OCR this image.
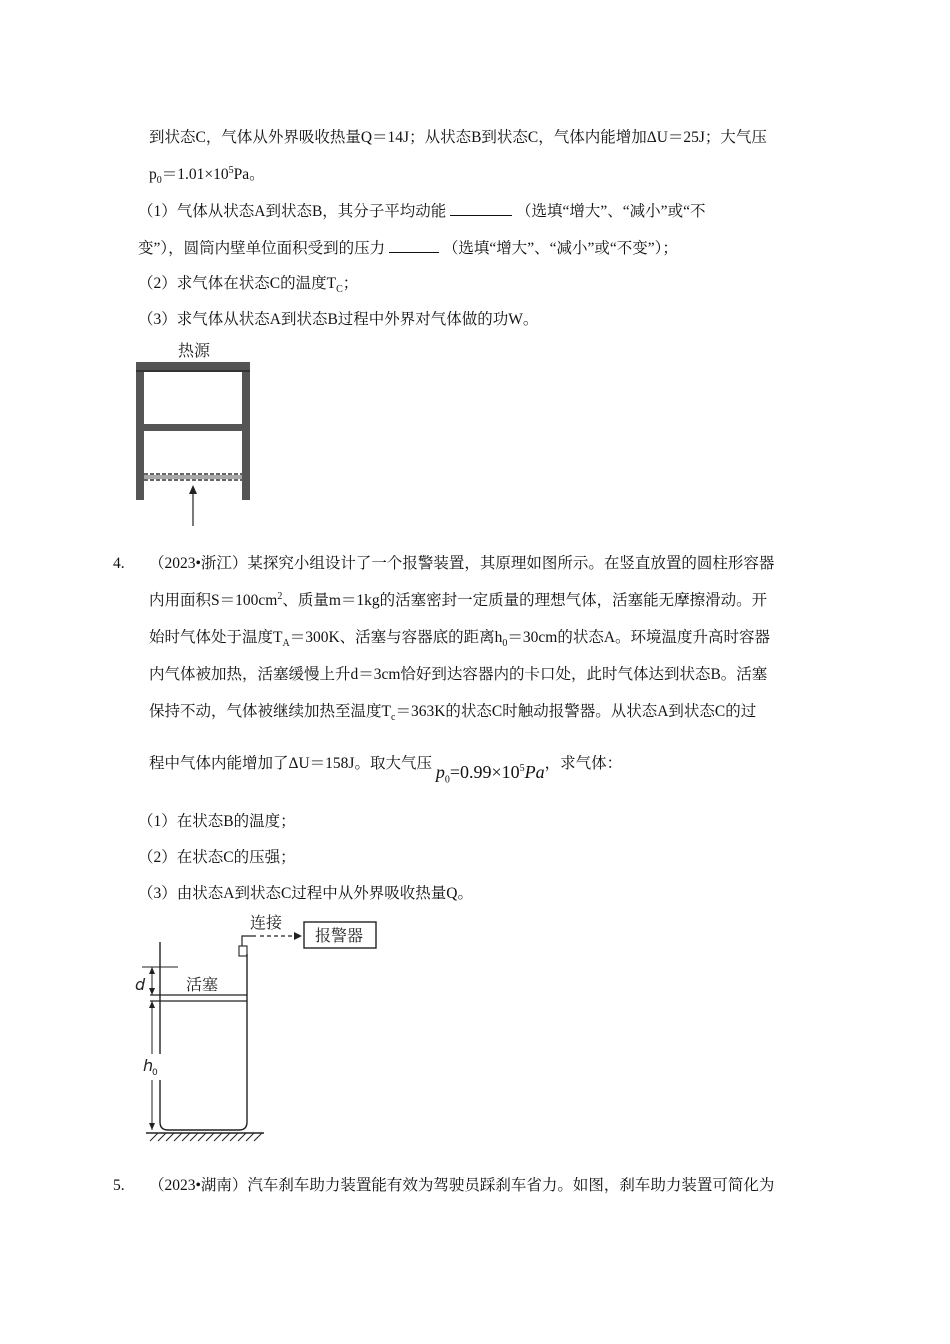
到状态C，气体从外界吸收热量Q＝14J；从状态B到状态C，气体内能增加ΔU＝25J；大气压
$p_0=1.01\times 10^5Pa$。
（1）气体从状态A到状态B，其分子平均动能	（选填“增大”、“减小”或“不
变”），圆筒内壁单位面积受到的压力	（选填“增大”、“减小”或“不变”）；
（2）求气体在状态C的温度$T_C$；
（3）求气体从状态A到状态B过程中外界对气体做的功W。
热源
4. （2023•浙江）某探究小组设计了一个报警装置，其原理如图所示。在竖直放置的圆柱形容器
内用面积$S=100cm^2$、质量m＝1kg的活塞密封一定质量的理想气体，活塞能无摩擦滑动。开
始时气体处于温度$T_A=300K$、活塞与容器底的距离$h_0=30cm$的状态A。环境温度升高时容器
内气体被加热，活塞缓慢上升d＝3cm恰好到达容器内的卡口处，此时气体达到状态B。活塞
保持不动，气体被继续加热至温度$T_c=363K$的状态C时触动报警器。从状态A到状态C的过
程中气体内能增加了ΔU＝158J。取大气压 $p_0=0.99\times 10^5Pa$，求气体：
（1）在状态B的温度；
（2）在状态C的压强；
（3）由状态A到状态C过程中从外界吸收热量Q。
连接
报警器
活塞
d
h
0
5. （2023•湖南）汽车刹车助力装置能有效为驾驶员踩刹车省力。如图，刹车助力装置可简化为
